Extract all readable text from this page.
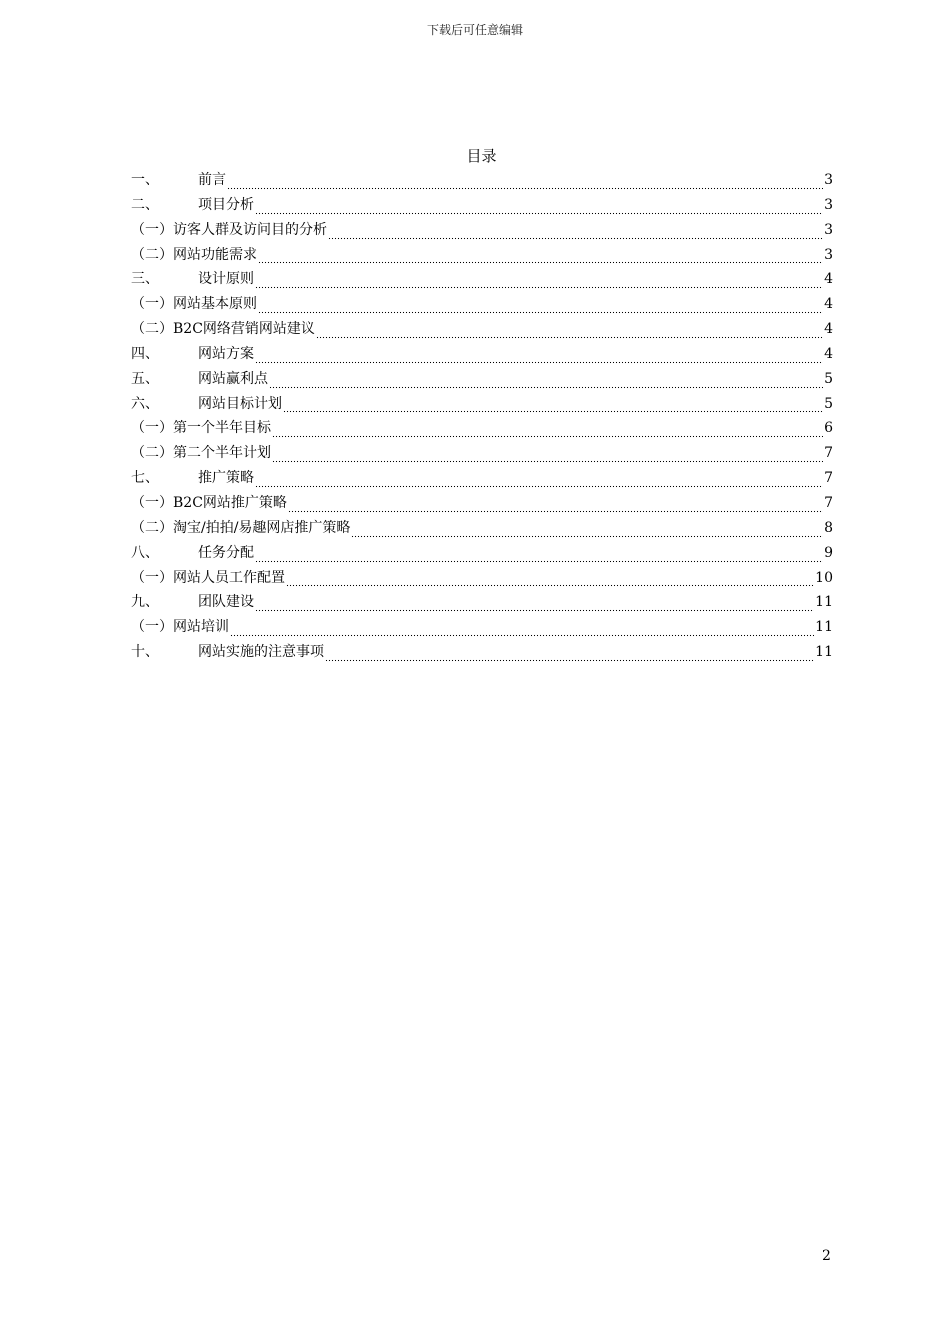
下载后可任意编辑
目录
一、	前言	3
二、	项目分析	3
（一） 访客人群及访问目的分析	3
（二） 网站功能需求	3
三、	设计原则	4
（一） 网站基本原则	4
（二） B2C网络营销网站建议	4
四、	网站方案	4
五、	网站赢利点	5
六、	网站目标计划	5
（一） 第一个半年目标	6
（二） 第二个半年计划	7
七、	推广策略	7
（一） B2C网站推广策略	7
（二） 淘宝/拍拍/易趣网店推广策略	8
八、	任务分配	9
（一） 网站人员工作配置	10
九、	团队建设	11
（一） 网站培训	11
十、	网站实施的注意事项	11
2
